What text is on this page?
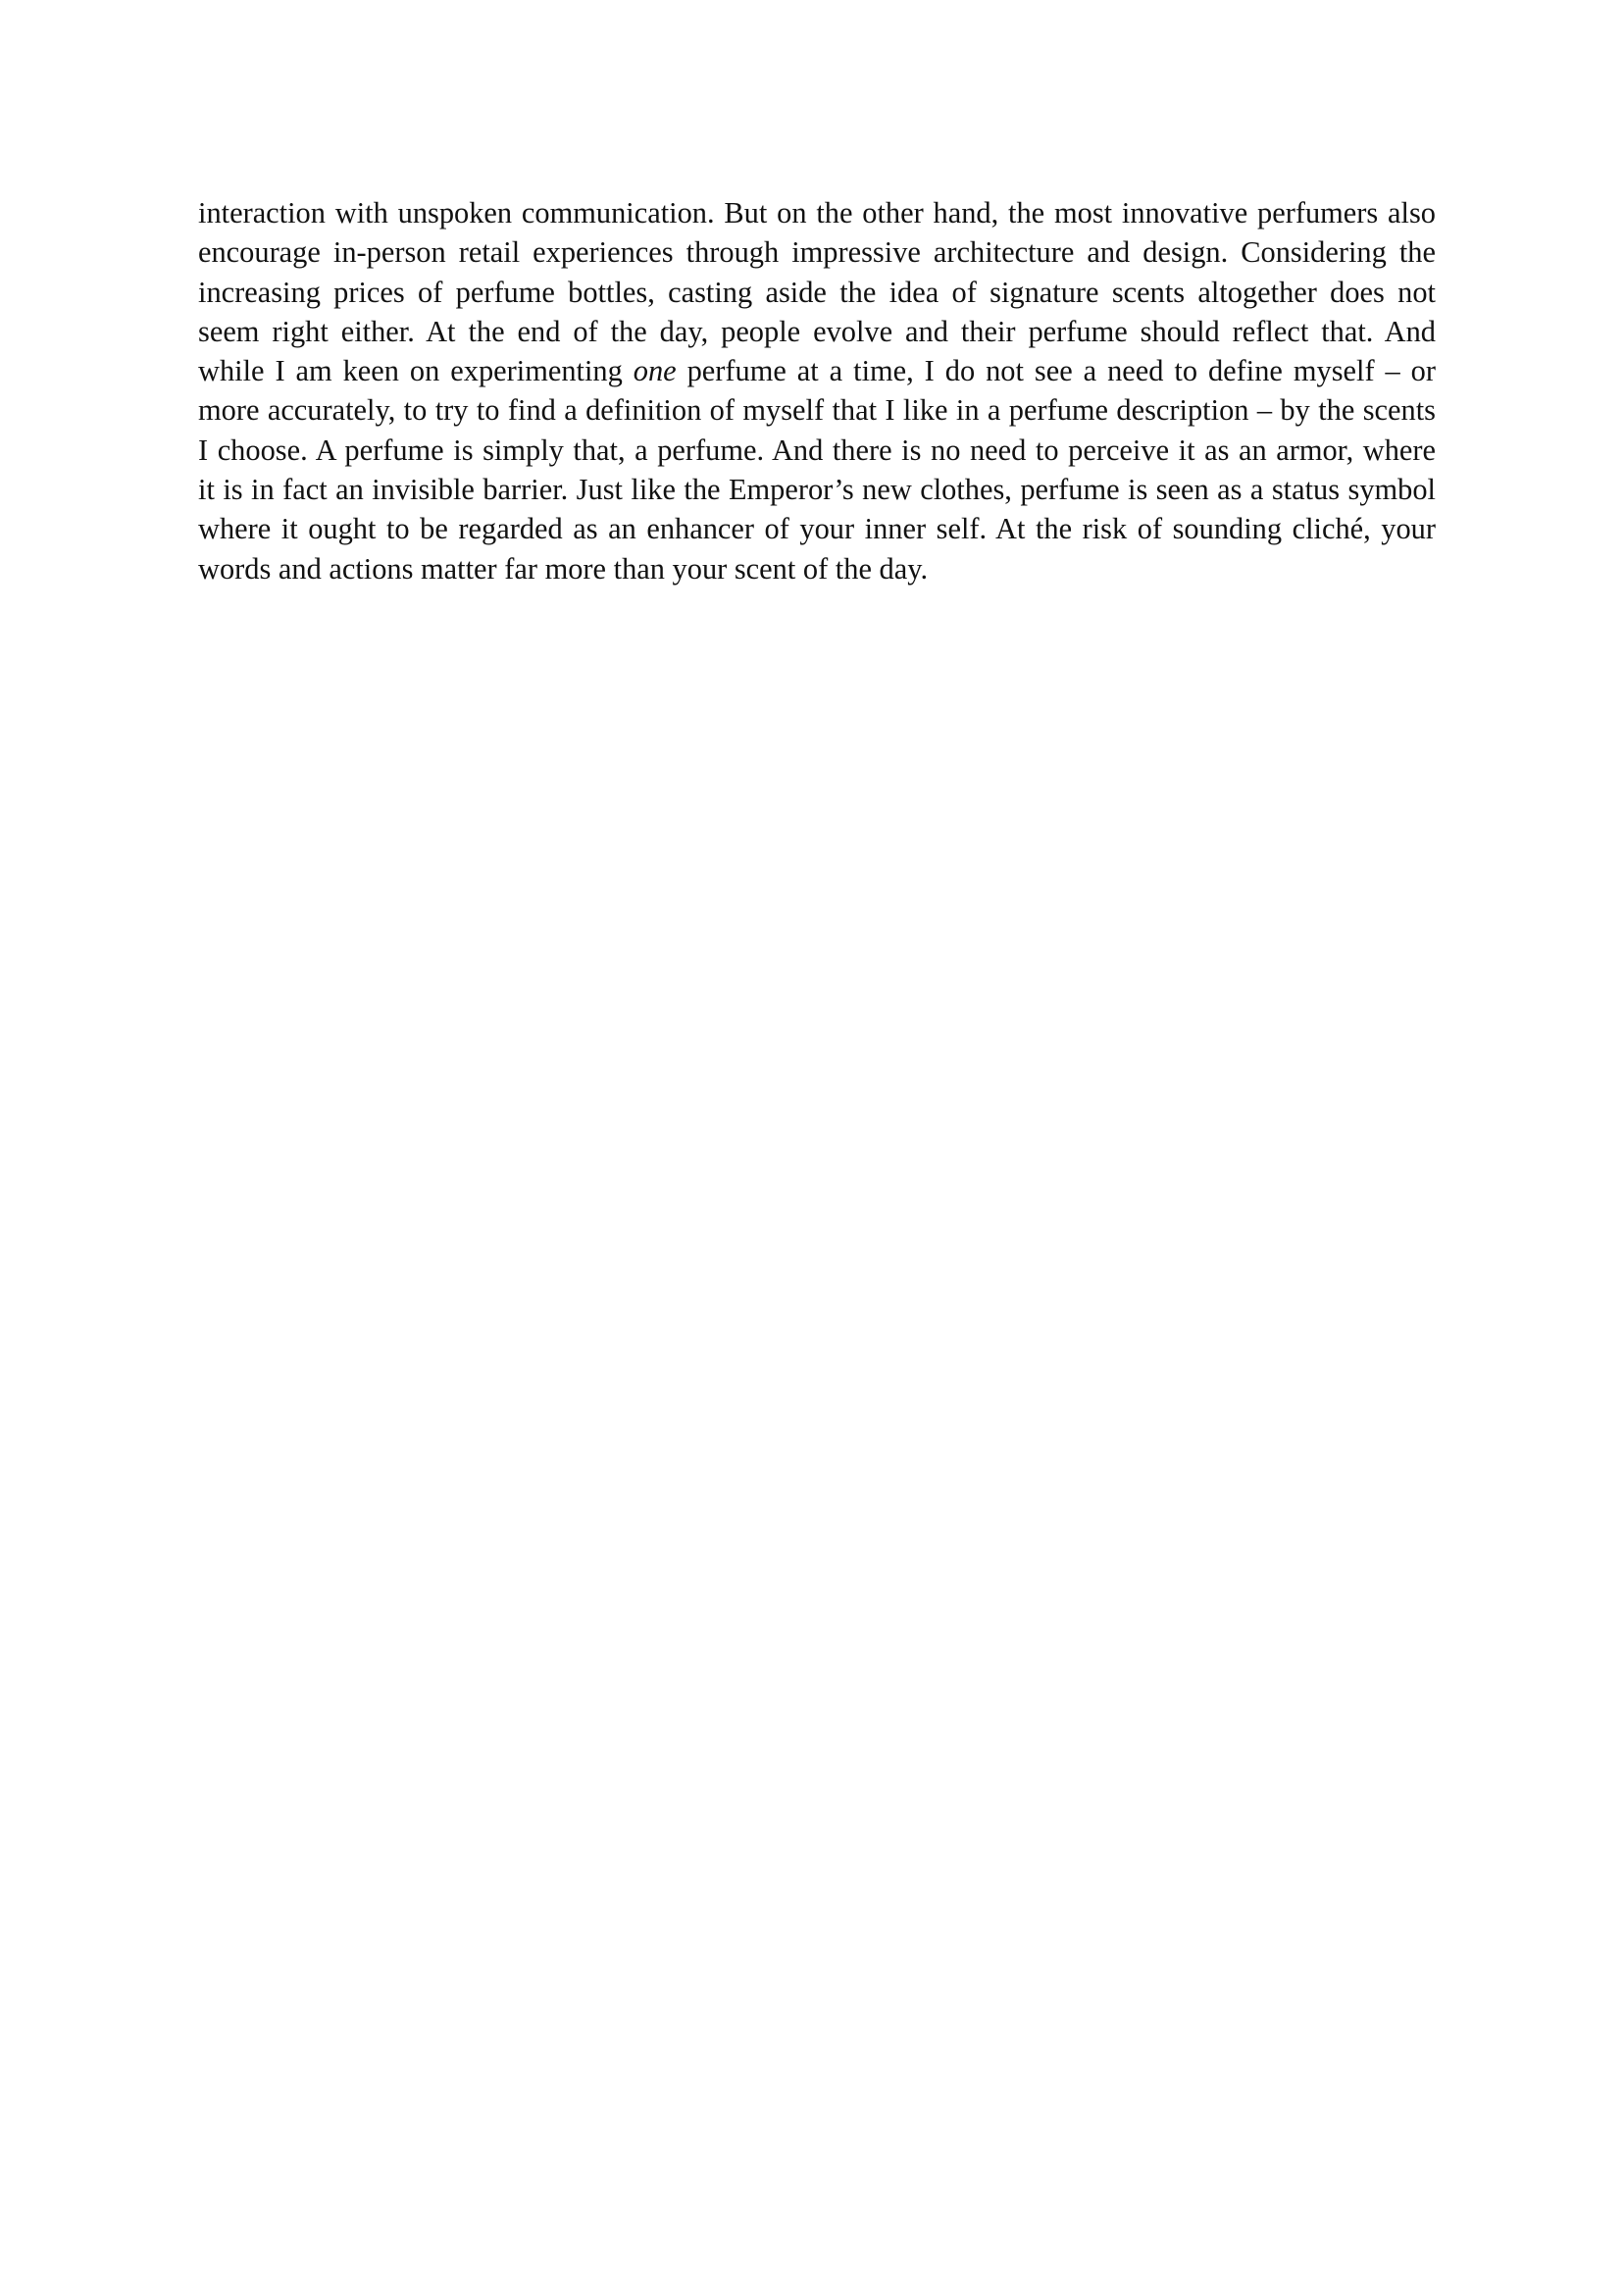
interaction with unspoken communication. But on the other hand, the most innovative perfumers also
encourage in-person retail experiences through impressive architecture and design. Considering the
increasing prices of perfume bottles, casting aside the idea of signature scents altogether does not
seem right either. At the end of the day, people evolve and their perfume should reflect that. And
while I am keen on experimenting one perfume at a time, I do not see a need to define myself – or
more accurately, to try to find a definition of myself that I like in a perfume description – by the scents
I choose. A perfume is simply that, a perfume. And there is no need to perceive it as an armor, where
it is in fact an invisible barrier. Just like the Emperor’s new clothes, perfume is seen as a status symbol
where it ought to be regarded as an enhancer of your inner self. At the risk of sounding cliché, your
words and actions matter far more than your scent of the day.
